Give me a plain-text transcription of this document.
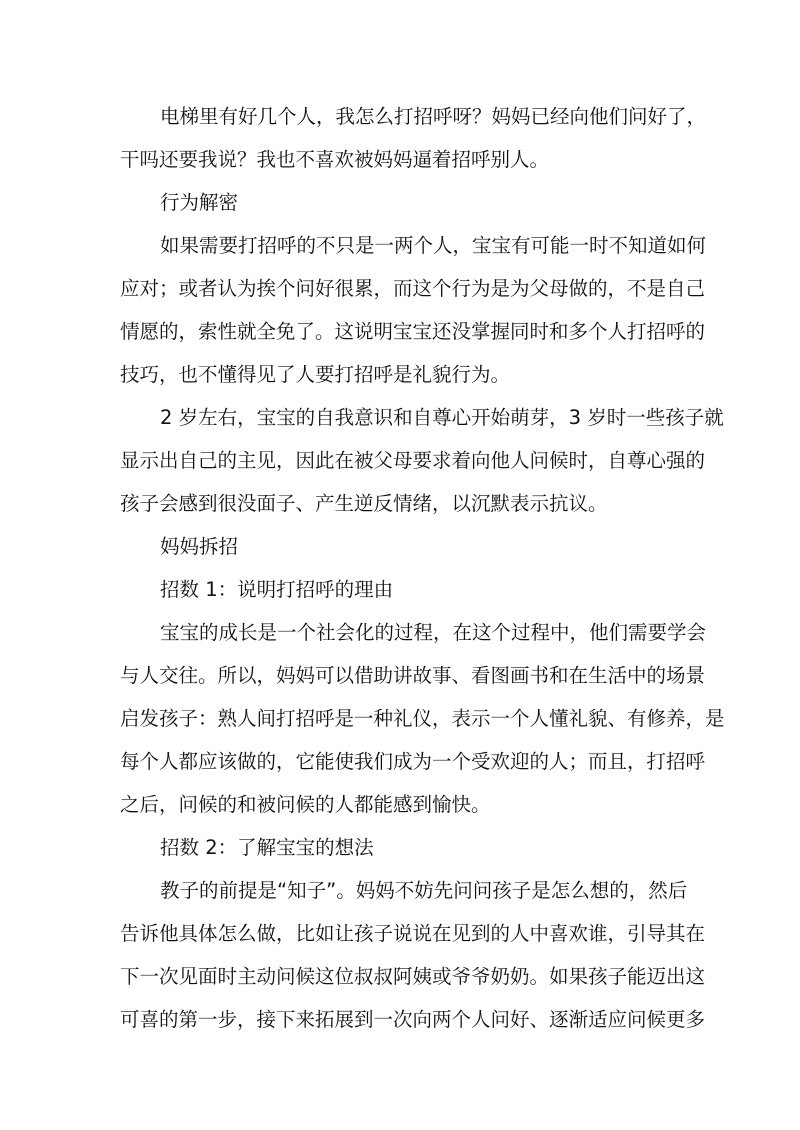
电梯里有好几个人，我怎么打招呼呀？妈妈已经向他们问好了，
干吗还要我说？我也不喜欢被妈妈逼着招呼别人。
行为解密
如果需要打招呼的不只是一两个人，宝宝有可能一时不知道如何
应对；或者认为挨个问好很累，而这个行为是为父母做的，不是自己
情愿的，索性就全免了。这说明宝宝还没掌握同时和多个人打招呼的
技巧，也不懂得见了人要打招呼是礼貌行为。
2 岁左右，宝宝的自我意识和自尊心开始萌芽，3 岁时一些孩子就
显示出自己的主见，因此在被父母要求着向他人问候时，自尊心强的
孩子会感到很没面子、产生逆反情绪，以沉默表示抗议。
妈妈拆招
招数 1：说明打招呼的理由
宝宝的成长是一个社会化的过程，在这个过程中，他们需要学会
与人交往。所以，妈妈可以借助讲故事、看图画书和在生活中的场景
启发孩子：熟人间打招呼是一种礼仪，表示一个人懂礼貌、有修养，是
每个人都应该做的，它能使我们成为一个受欢迎的人；而且，打招呼
之后，问候的和被问候的人都能感到愉快。
招数 2：了解宝宝的想法
教子的前提是“知子”。妈妈不妨先问问孩子是怎么想的，然后
告诉他具体怎么做，比如让孩子说说在见到的人中喜欢谁，引导其在
下一次见面时主动问候这位叔叔阿姨或爷爷奶奶。如果孩子能迈出这
可喜的第一步，接下来拓展到一次向两个人问好、逐渐适应问候更多
